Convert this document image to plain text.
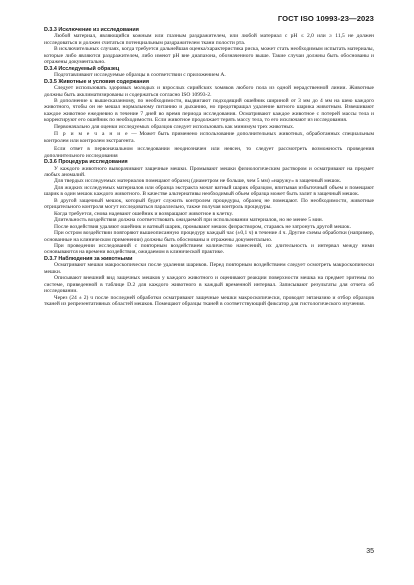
ГОСТ ISO 10993-23—2023

D.3.3 Исключение из исследования

Любой материал, являющийся кожным или глазным раздражителем, или любой материал с pH ≤ 2,0 или ≥ 11,5 не должен исследоваться и должен считаться потенциальным раздражителем ткани полости рта.

В исключительных случаях, когда требуется дальнейшая оценка/характеристика риска, может стать необходимым испытать материалы, которые либо являются раздражителем, либо имеют pH вне диапазона, обозначенного выше. Такие случаи должны быть обоснованы и отражены документально.

D.3.4 Исследуемый образец

Подготавливают исследуемые образцы в соответствии с приложением А.

D.3.5 Животные и условия содержания

Следует использовать здоровых молодых и взрослых сирийских хомяков любого пола из одной нерадственной линии. Животные должны быть акклиматизированы и содержаться согласно ISO 10993-2.

В дополнение к вышесказанному, по необходимости, выдвигают подходящий ошейник шириной от 3 мм до 4 мм на шею каждого животного, чтобы он не мешал нормальному питанию и дыханию, но предотвращал удаление ватного шарика животным. Взвешивают каждое животное ежедневно в течение 7 дней во время периода исследования. Осматривают каждое животное с потерей массы тела и корректируют его ошейник по необходимости. Если животное продолжает терять массу тела, то его исключают из исследования.

Первоначально для оценки исследуемых образцов следует использовать как минимум трех животных.

П р и м е ч а н и е — Может быть применено использование дополнительных животных, обработанных специальным контролем или контролем экстрагента.

Если ответ в первоначальном исследовании неоднозначен или неясен, то следует рассмотреть возможность проведения дополнительного исследования

D.3.6 Процедура исследования

У каждого животного выворачивают защечные мешки. Промывают мешки физиологическим раствором и осматривают на предмет любых аномалий.

Для твердых исследуемых материалов помещают образец (диаметром не больше, чем 5 мм) «наружу» в защечный мешок.

Для жидких исследуемых материалов или образца экстракта мочат ватный шарик образцом, впитывая избыточный объем и помещают шарик в один мешок каждого животного. В качестве альтернативы необходимый объем образца может быть залит в защечный мешок.

В другой защечный мешок, который будет служить контролем процедуры, образец не помещают. По необходимости, животные отрицательного контроля могут исследоваться параллельно, также получая контроль процедуры.

Когда требуется, снова надевают ошейник и возвращают животное в клетку.

Длительность воздействия должна соответствовать ожидаемой при использовании материалов, но не менее 5 мин.

После воздействия удаляют ошейник и ватный шарик, промывают мешок физраствором, стараясь не затронуть другой мешок.

При остром воздействии повторяют вышеописанную процедуру каждый час (±0,1 ч) в течение 4 ч. Другие схемы обработки (например, основанные на клиническом применении) должны быть обоснованы и отражены документально.

При проведении исследований с повторным воздействием количество нанесений, их длительность и интервал между ними основываются на времени воздействия, ожидаемом в клинической практике.

D.3.7 Наблюдения за животными

Осматривают мешки макроскопически после удаления шариков. Перед повторным воздействием следует осмотреть макроскопически мешки.

Описывают внешний вид защечных мешков у каждого животного и оценивают реакции поверхности мешка на предмет эритемы по системе, приведенной в таблице D.2 для каждого животного в каждый временной интервал. Записывают результаты для отчета об исследовании.

Через (24 ± 2) ч после последней обработки осматривают защечные мешки макроскопически, проводят эвтаназию и отбор образцов тканей из репрезентативных областей мешков. Помещают образцы тканей в соответствующий фиксатор для гистологического изучения.

35
